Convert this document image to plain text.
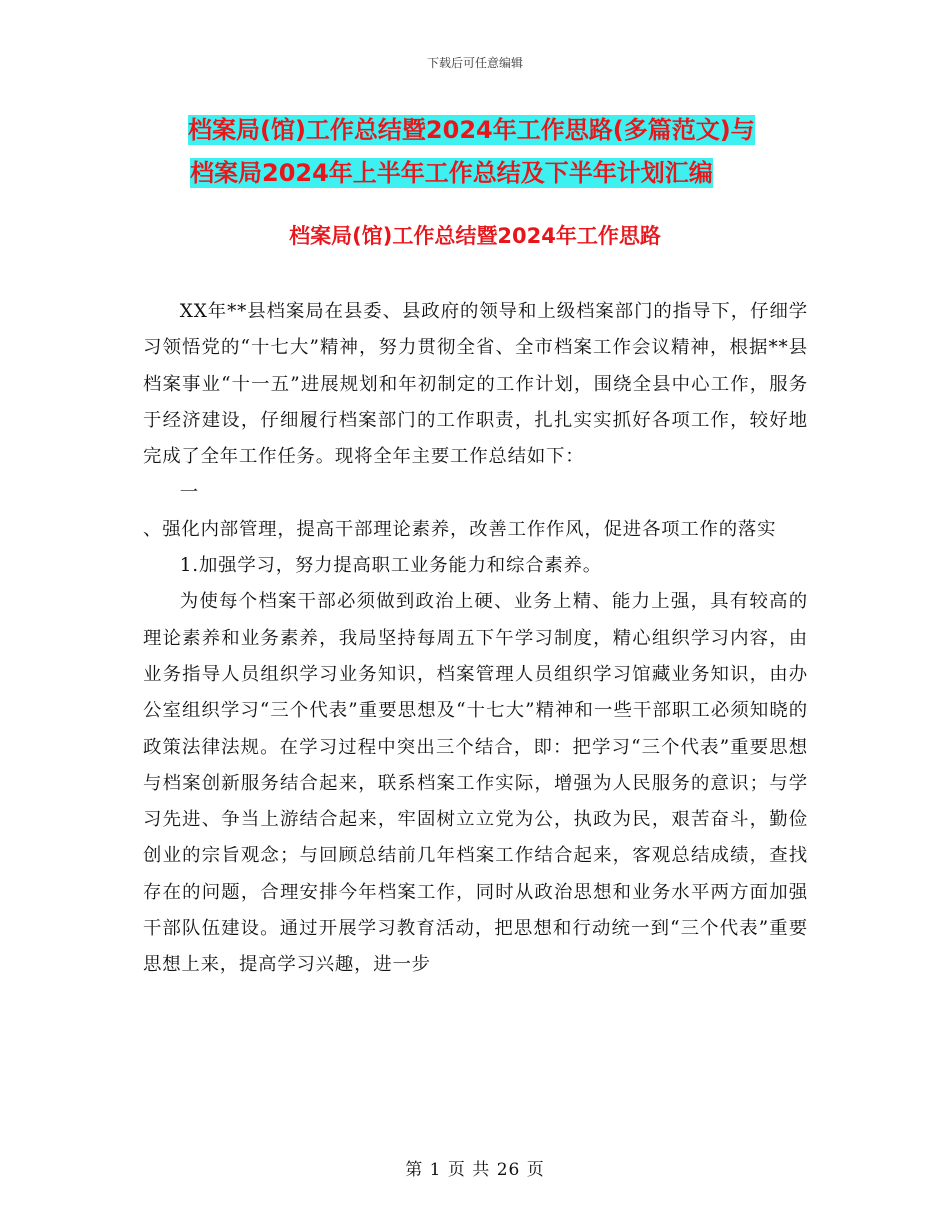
下载后可任意编辑
档案局(馆)工作总结暨2024年工作思路(多篇范文)与
档案局2024年上半年工作总结及下半年计划汇编
档案局(馆)工作总结暨2024年工作思路

XX年**县档案局在县委、县政府的领导和上级档案部门的指导下，仔细学习领悟党的“十七大”精神，努力贯彻全省、全市档案工作会议精神，根据**县档案事业“十一五”进展规划和年初制定的工作计划，围绕全县中心工作，服务于经济建设，仔细履行档案部门的工作职责，扎扎实实抓好各项工作，较好地完成了全年工作任务。现将全年主要工作总结如下：

一

、强化内部管理，提高干部理论素养，改善工作作风，促进各项工作的落实

1.加强学习，努力提高职工业务能力和综合素养。

为使每个档案干部必须做到政治上硬、业务上精、能力上强，具有较高的理论素养和业务素养，我局坚持每周五下午学习制度，精心组织学习内容，由业务指导人员组织学习业务知识，档案管理人员组织学习馆藏业务知识，由办公室组织学习“三个代表”重要思想及“十七大”精神和一些干部职工必须知晓的政策法律法规。在学习过程中突出三个结合，即：把学习“三个代表”重要思想与档案创新服务结合起来，联系档案工作实际，增强为人民服务的意识；与学习先进、争当上游结合起来，牢固树立立党为公，执政为民，艰苦奋斗，勤俭创业的宗旨观念；与回顾总结前几年档案工作结合起来，客观总结成绩，查找存在的问题，合理安排今年档案工作，同时从政治思想和业务水平两方面加强干部队伍建设。通过开展学习教育活动，把思想和行动统一到“三个代表”重要思想上来，提高学习兴趣，进一步

第 1 页 共 26 页
